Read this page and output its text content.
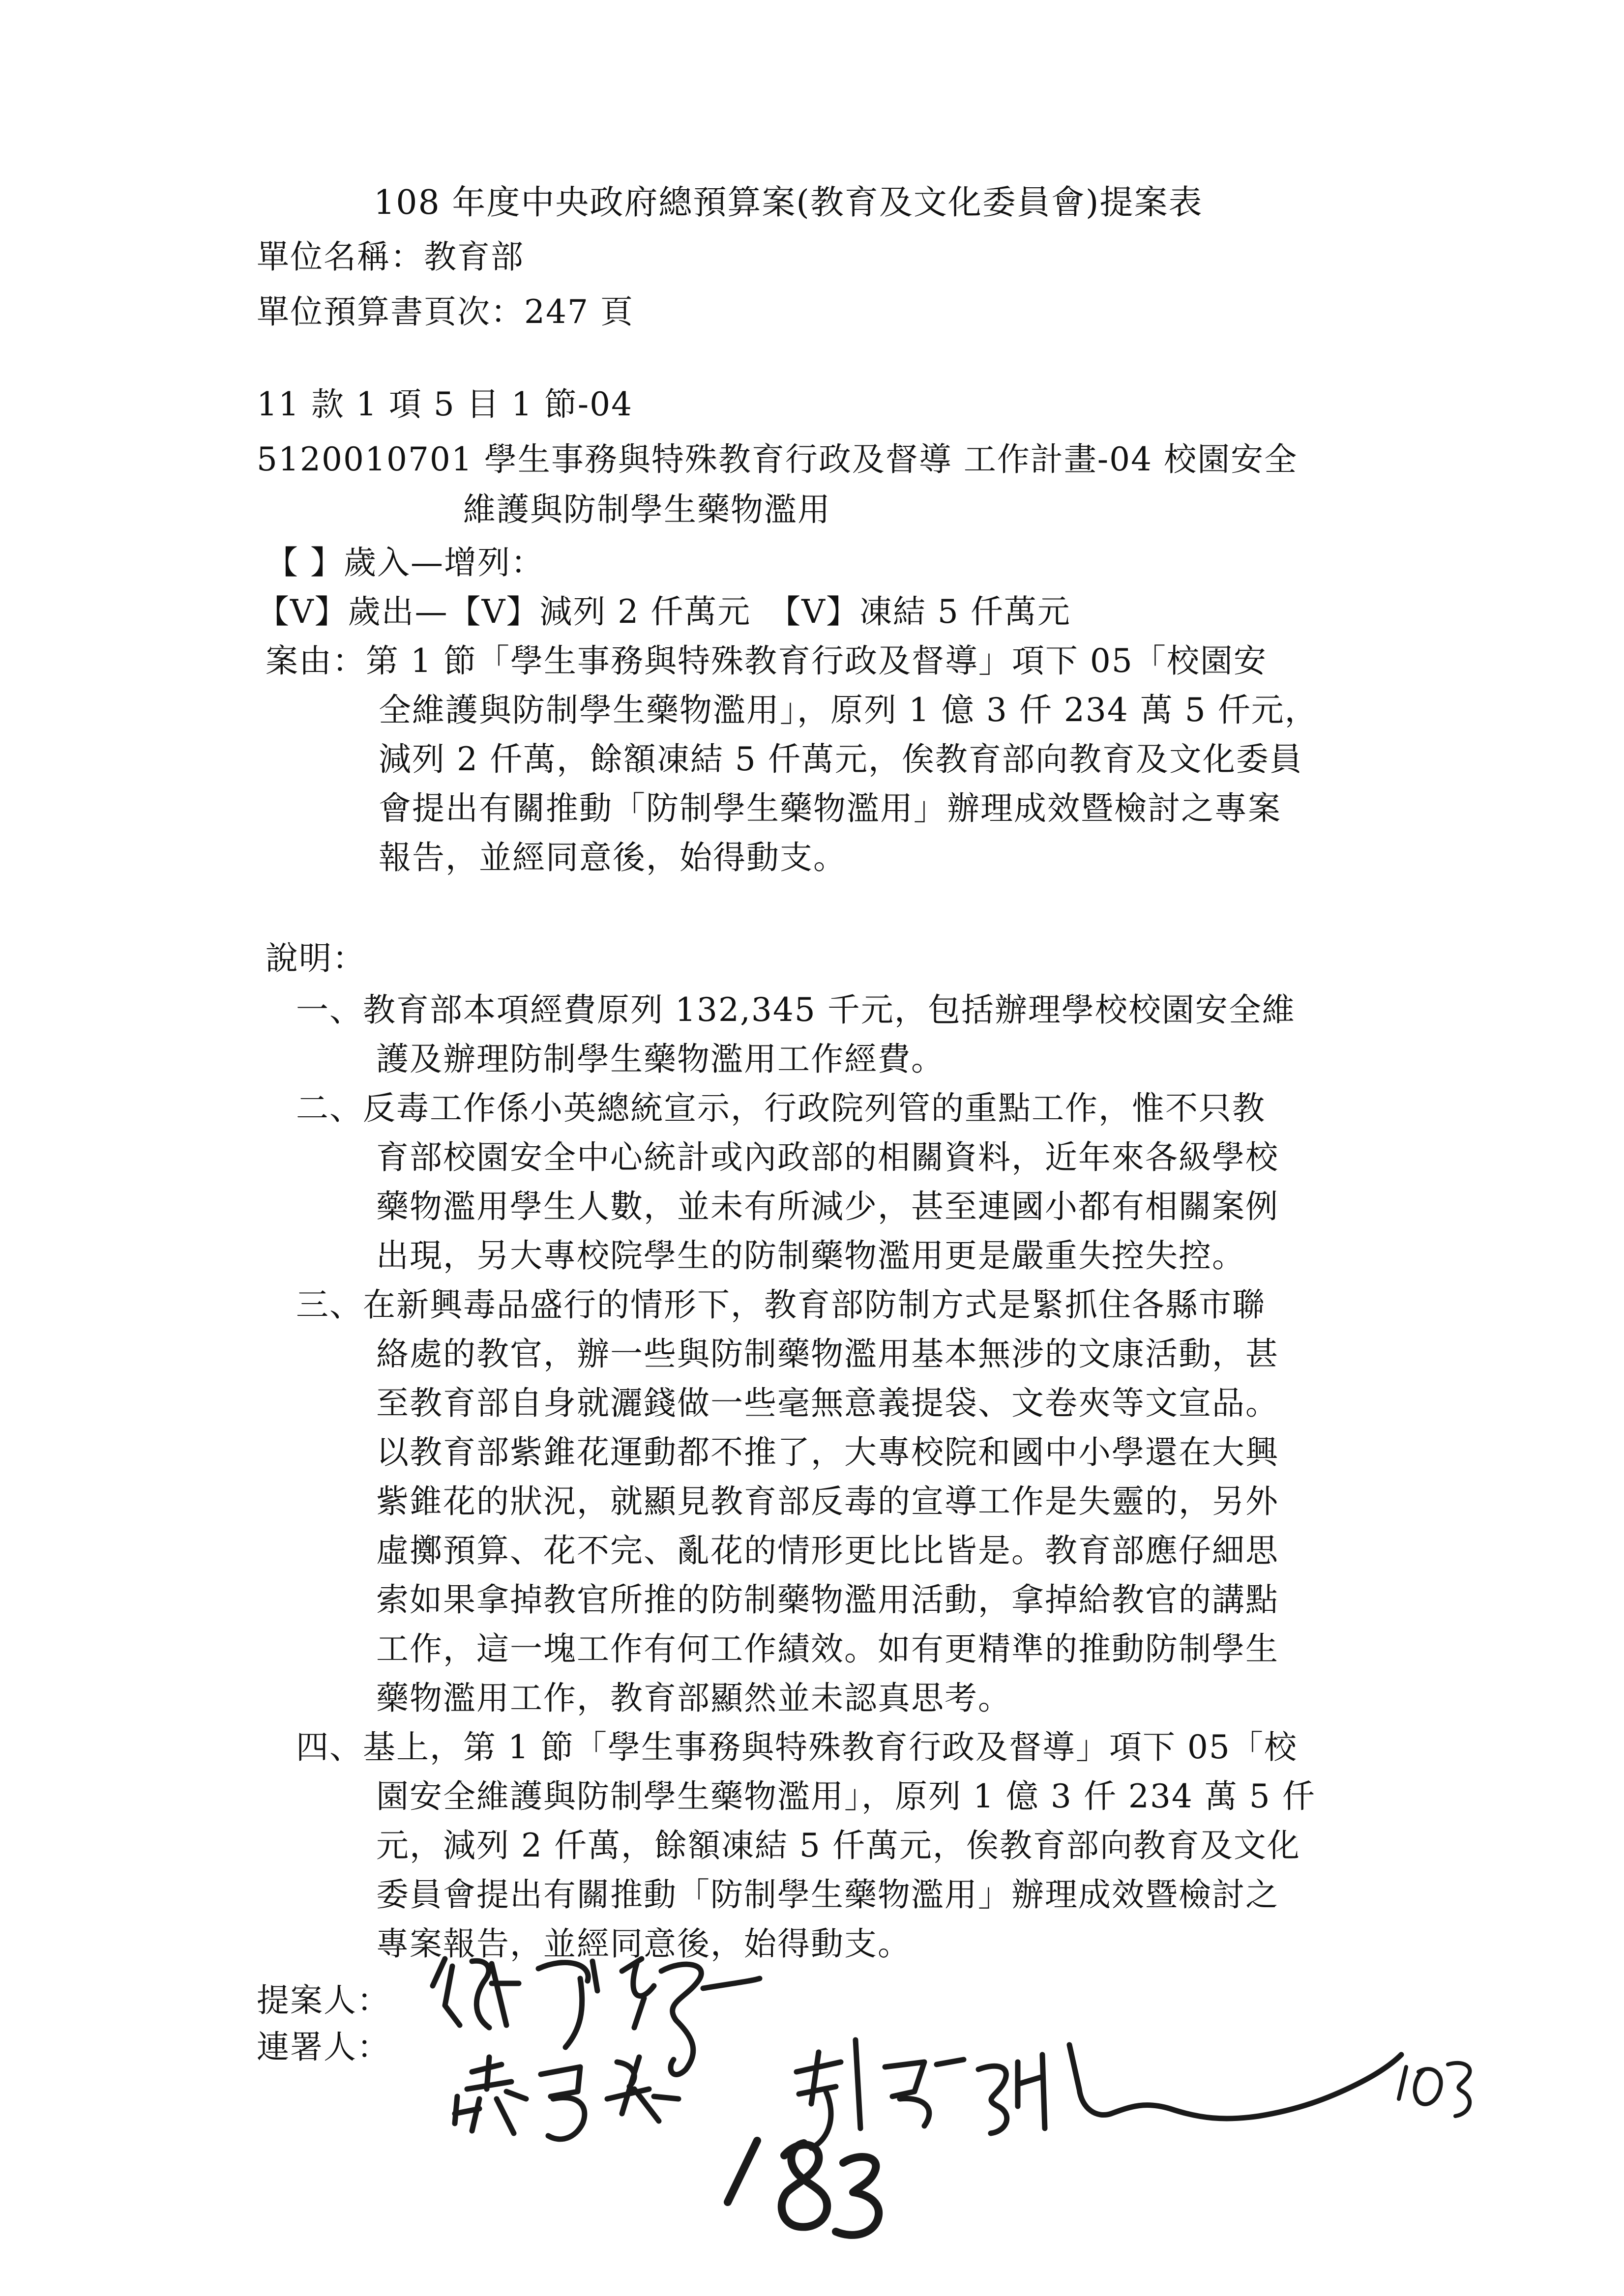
108 年度中央政府總預算案(教育及文化委員會)提案表
單位名稱：教育部
單位預算書頁次：247 頁
11 款 1 項 5 目 1 節-04
5120010701 學生事務與特殊教育行政及督導 工作計畫-04 校園安全
維護與防制學生藥物濫用
【 】歲入—增列：
【V】歲出—【V】減列 2 仟萬元　【V】凍結 5 仟萬元
案由：第 1 節「學生事務與特殊教育行政及督導」項下 05「校園安
全維護與防制學生藥物濫用」，原列 1 億 3 仟 234 萬 5 仟元，
減列 2 仟萬，餘額凍結 5 仟萬元，俟教育部向教育及文化委員
會提出有關推動「防制學生藥物濫用」辦理成效暨檢討之專案
報告，並經同意後，始得動支。
說明：
一、教育部本項經費原列 132,345 千元，包括辦理學校校園安全維
護及辦理防制學生藥物濫用工作經費。
二、反毒工作係小英總統宣示，行政院列管的重點工作，惟不只教
育部校園安全中心統計或內政部的相關資料，近年來各級學校
藥物濫用學生人數，並未有所減少，甚至連國小都有相關案例
出現，另大專校院學生的防制藥物濫用更是嚴重失控失控。
三、在新興毒品盛行的情形下，教育部防制方式是緊抓住各縣市聯
絡處的教官，辦一些與防制藥物濫用基本無涉的文康活動，甚
至教育部自身就灑錢做一些毫無意義提袋、文卷夾等文宣品。
以教育部紫錐花運動都不推了，大專校院和國中小學還在大興
紫錐花的狀況，就顯見教育部反毒的宣導工作是失靈的，另外
虛擲預算、花不完、亂花的情形更比比皆是。教育部應仔細思
索如果拿掉教官所推的防制藥物濫用活動，拿掉給教官的講點
工作，這一塊工作有何工作績效。如有更精準的推動防制學生
藥物濫用工作，教育部顯然並未認真思考。
四、基上，第 1 節「學生事務與特殊教育行政及督導」項下 05「校
園安全維護與防制學生藥物濫用」，原列 1 億 3 仟 234 萬 5 仟
元，減列 2 仟萬，餘額凍結 5 仟萬元，俟教育部向教育及文化
委員會提出有關推動「防制學生藥物濫用」辦理成效暨檢討之
專案報告，並經同意後，始得動支。
提案人：
連署人：
